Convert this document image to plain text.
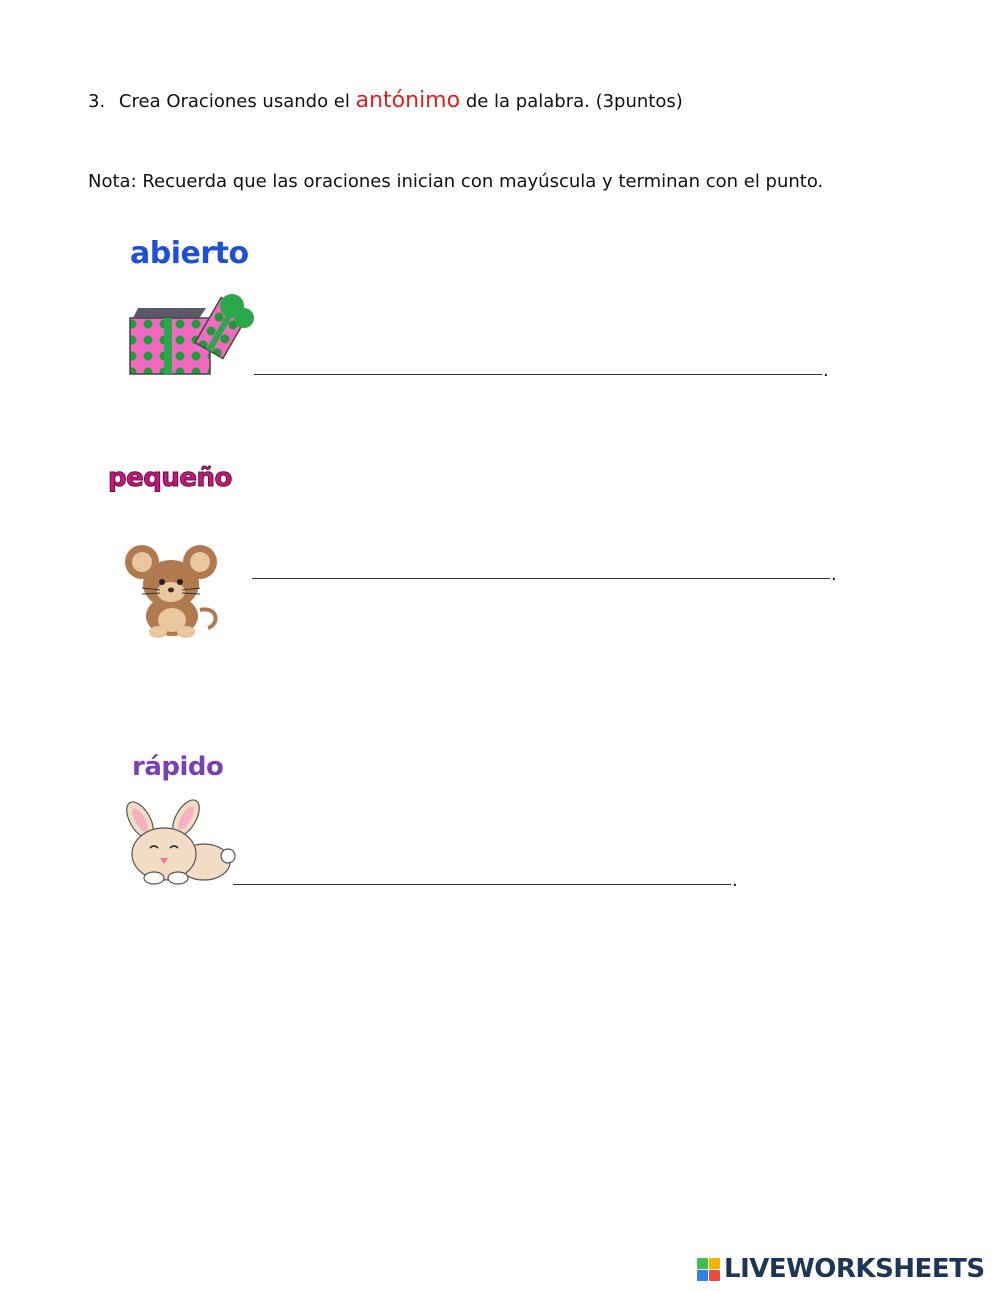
3. Crea Oraciones usando el antónimo de la palabra. (3puntos)
Nota: Recuerda que las oraciones inician con mayúscula y terminan con el punto.
abierto
.
pequeño
.
rápido
.
LIVEWORKSHEETS
